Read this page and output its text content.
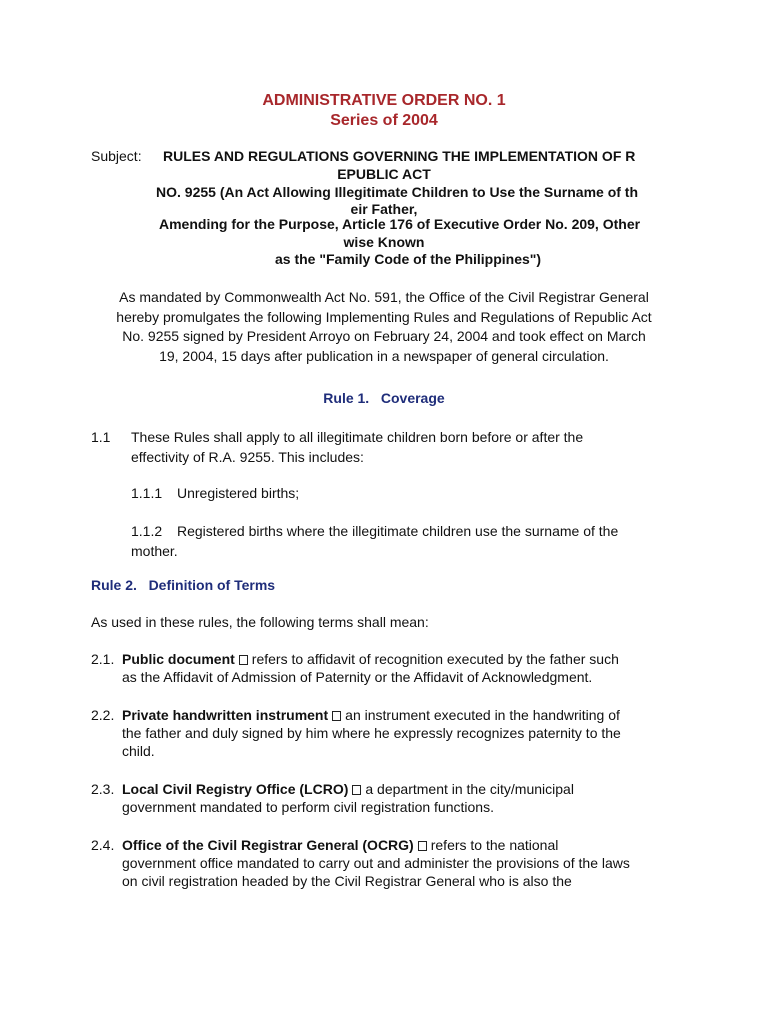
ADMINISTRATIVE ORDER NO. 1
Series of 2004
Subject: RULES AND REGULATIONS GOVERNING THE IMPLEMENTATION OF R
EPUBLIC ACT
NO. 9255 (An Act Allowing Illegitimate Children to Use the Surname of th
eir Father,
Amending for the Purpose, Article 176 of Executive Order No. 209, Other
wise Known
as the "Family Code of the Philippines")
As mandated by Commonwealth Act No. 591, the Office of the Civil Registrar General
hereby promulgates the following Implementing Rules and Regulations of Republic Act
No. 9255 signed by President Arroyo on February 24, 2004 and took effect on March
19, 2004, 15 days after publication in a newspaper of general circulation.
Rule 1.   Coverage
1.1 These Rules shall apply to all illegitimate children born before or after the
effectivity of R.A. 9255. This includes:
1.1.1 Unregistered births;
1.1.2	Registered births where the illegitimate children use the surname of the
mother.
Rule 2.   Definition of Terms
As used in these rules, the following terms shall mean:
2.1. Public document refers to affidavit of recognition executed by the father such
as the Affidavit of Admission of Paternity or the Affidavit of Acknowledgment.
2.2. Private handwritten instrument an instrument executed in the handwriting of
the father and duly signed by him where he expressly recognizes paternity to the
child.
2.3. Local Civil Registry Office (LCRO) a department in the city/municipal
government mandated to perform civil registration functions.
2.4. Office of the Civil Registrar General (OCRG) refers to the national
government office mandated to carry out and administer the provisions of the laws
on civil registration headed by the Civil Registrar General who is also the
